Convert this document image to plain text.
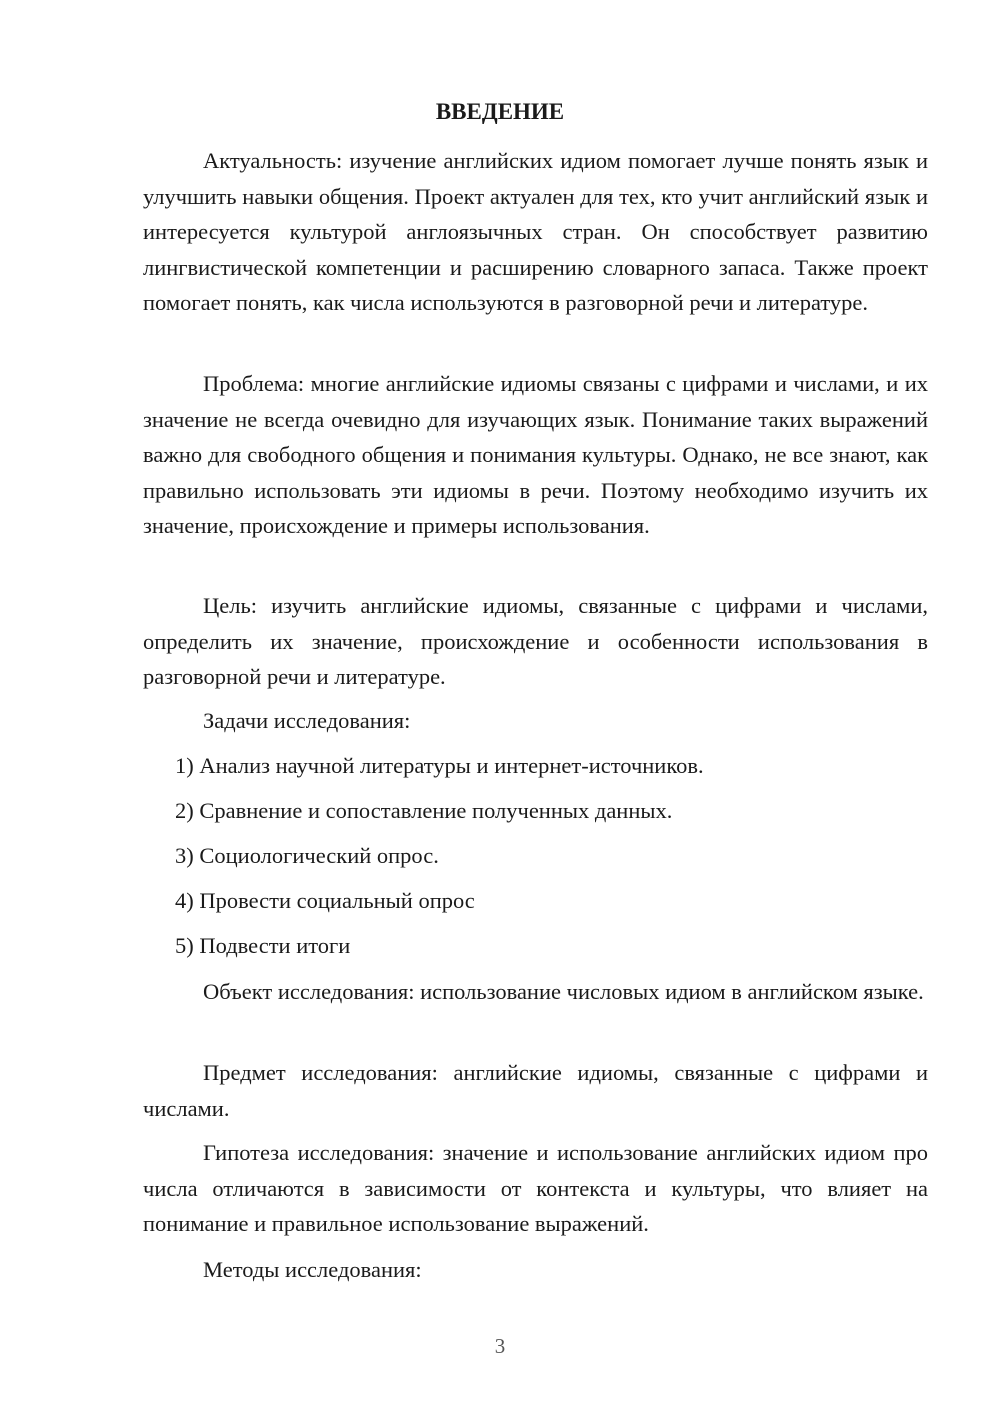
ВВЕДЕНИЕ

Актуальность: изучение английских идиом помогает лучше понять язык и улучшить навыки общения. Проект актуален для тех, кто учит английский язык и интересуется культурой англоязычных стран. Он способствует развитию лингвистической компетенции и расширению словарного запаса. Также проект помогает понять, как числа используются в разговорной речи и литературе.

Проблема: многие английские идиомы связаны с цифрами и числами, и их значение не всегда очевидно для изучающих язык. Понимание таких выражений важно для свободного общения и понимания культуры. Однако, не все знают, как правильно использовать эти идиомы в речи. Поэтому необходимо изучить их значение, происхождение и примеры использования.

Цель: изучить английские идиомы, связанные с цифрами и числами, определить их значение, происхождение и особенности использования в разговорной речи и литературе.

Задачи исследования:

1) Анализ научной литературы и интернет-источников.

2) Сравнение и сопоставление полученных данных.

3) Социологический опрос.

4) Провести социальный опрос

5) Подвести итоги

Объект исследования: использование числовых идиом в английском языке.

Предмет исследования: английские идиомы, связанные с цифрами и числами.

Гипотеза исследования: значение и использование английских идиом про числа отличаются в зависимости от контекста и культуры, что влияет на понимание и правильное использование выражений.

Методы исследования:

3
